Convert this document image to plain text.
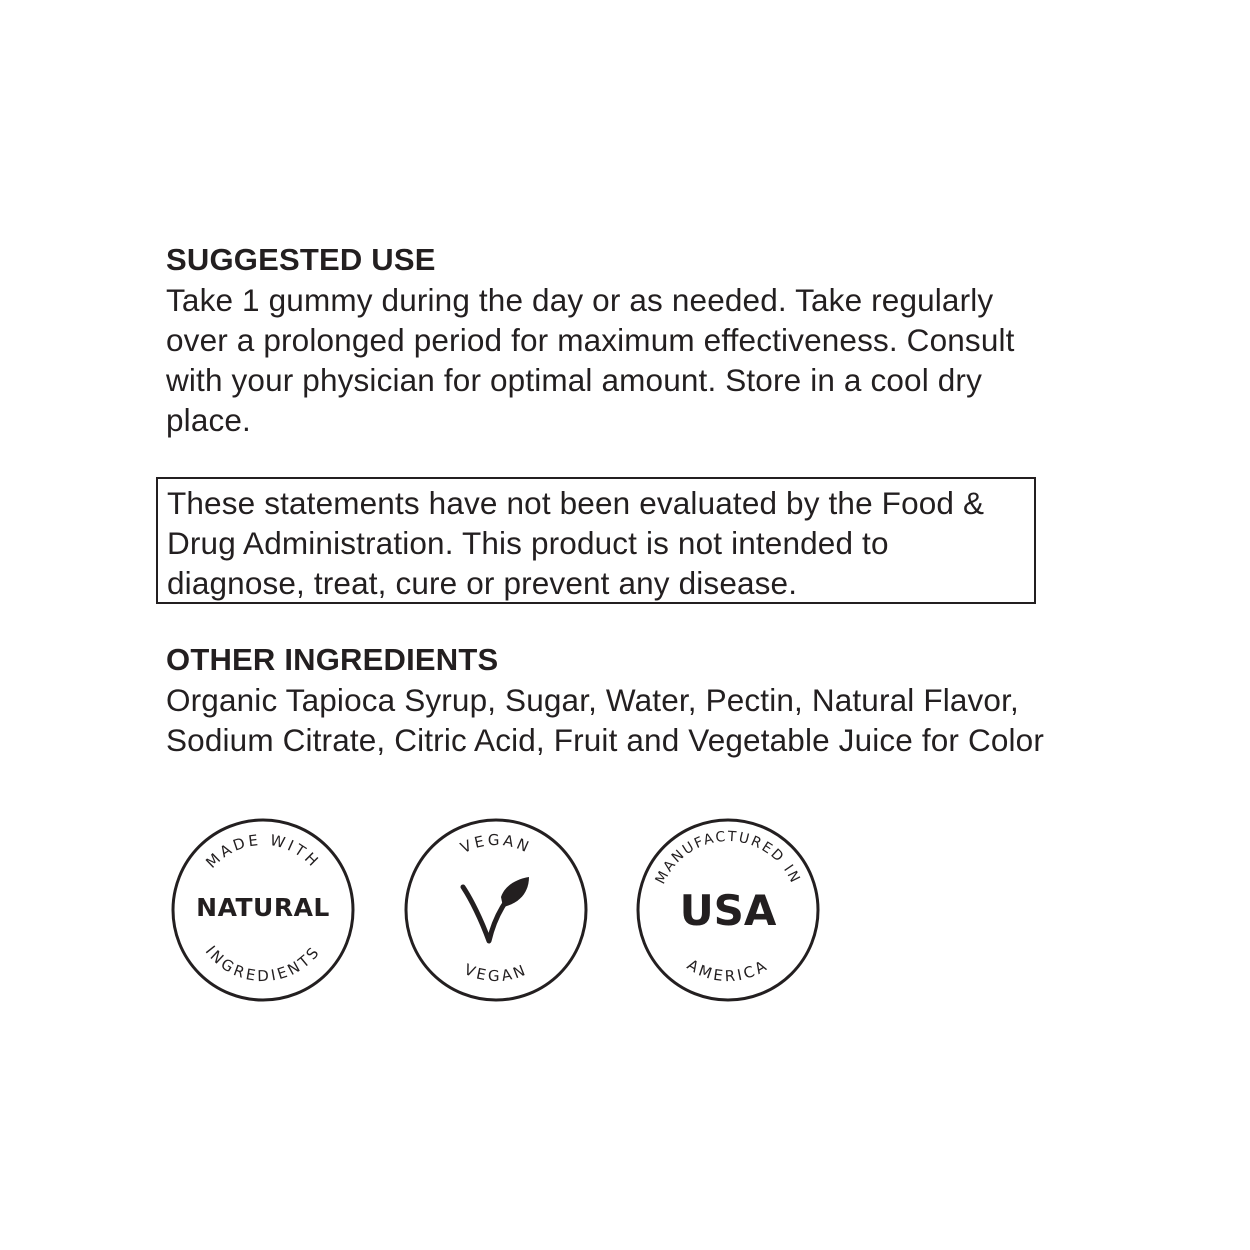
SUGGESTED USE

Take 1 gummy during the day or as needed. Take regularly
over a prolonged period for maximum effectiveness. Consult
with your physician for optimal amount. Store in a cool dry
place.

These statements have not been evaluated by the Food &
Drug Administration. This product is not intended to
diagnose, treat, cure or prevent any disease.

OTHER INGREDIENTS

Organic Tapioca Syrup, Sugar, Water, Pectin, Natural Flavor,
Sodium Citrate, Citric Acid, Fruit and Vegetable Juice for Color

MADE WITH
NATURAL
INGREDIENTS
VEGAN
VEGAN
MANUFACTURED IN
USA
AMERICA
